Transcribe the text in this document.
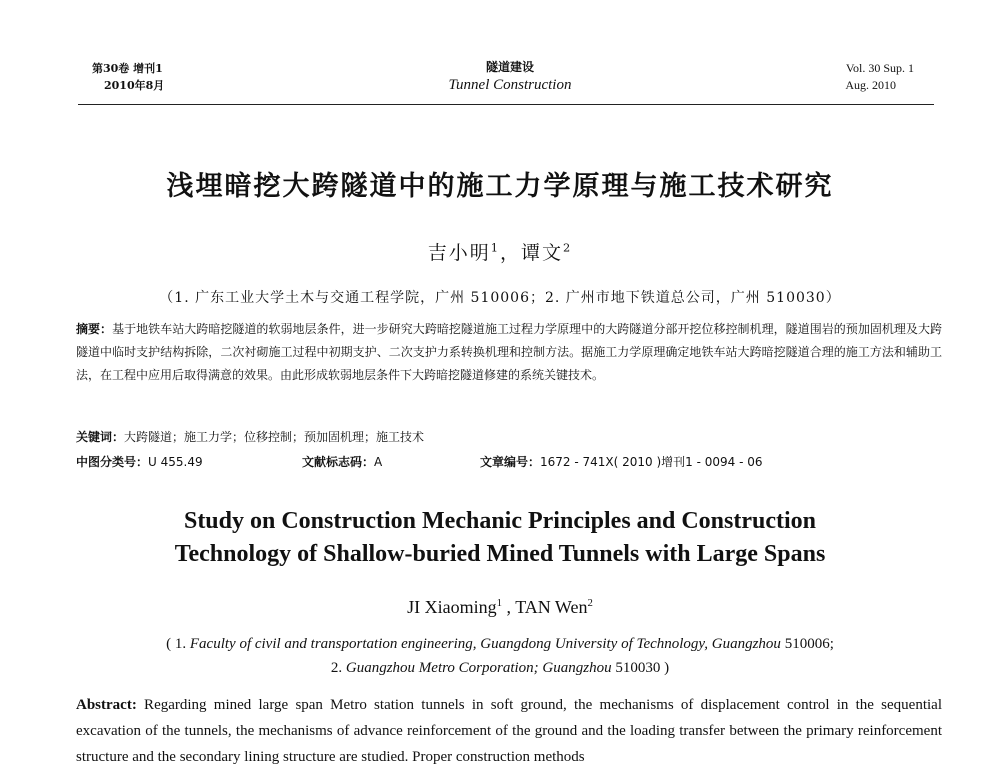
第30卷 增刊1
2010年8月
隧道建设
Tunnel Construction
Vol. 30 Sup. 1
Aug. 2010
浅埋暗挖大跨隧道中的施工力学原理与施工技术研究
吉小明$^1$，谭文$^2$
（1. 广东工业大学土木与交通工程学院，广州 510006；2. 广州市地下铁道总公司，广州 510030）
摘要：基于地铁车站大跨暗挖隧道的软弱地层条件，进一步研究大跨暗挖隧道施工过程力学原理中的大跨隧道分部开挖位移控制机理，隧道围岩的预加固机理及大跨隧道中临时支护结构拆除，二次衬砌施工过程中初期支护、二次支护力系转换机理和控制方法。据施工力学原理确定地铁车站大跨暗挖隧道合理的施工方法和辅助工法，在工程中应用后取得满意的效果。由此形成软弱地层条件下大跨暗挖隧道修建的系统关键技术。
关键词：大跨隧道；施工力学；位移控制；预加固机理；施工技术
中图分类号：U 455.49	文献标志码：A	文章编号：1672 - 741X( 2010 )增刊1 - 0094 - 06
Study on Construction Mechanic Principles and Construction
Technology of Shallow-buried Mined Tunnels with Large Spans
JI Xiaoming$^1$ , TAN Wen$^2$
( 1. Faculty of civil and transportation engineering, Guangdong University of Technology, Guangzhou 510006;
2. Guangzhou Metro Corporation; Guangzhou 510030 )
Abstract: Regarding mined large span Metro station tunnels in soft ground, the mechanisms of displacement control in the sequential excavation of the tunnels, the mechanisms of advance reinforcement of the ground and the loading transfer between the primary reinforcement structure and the secondary lining structure are studied. Proper construction methods
